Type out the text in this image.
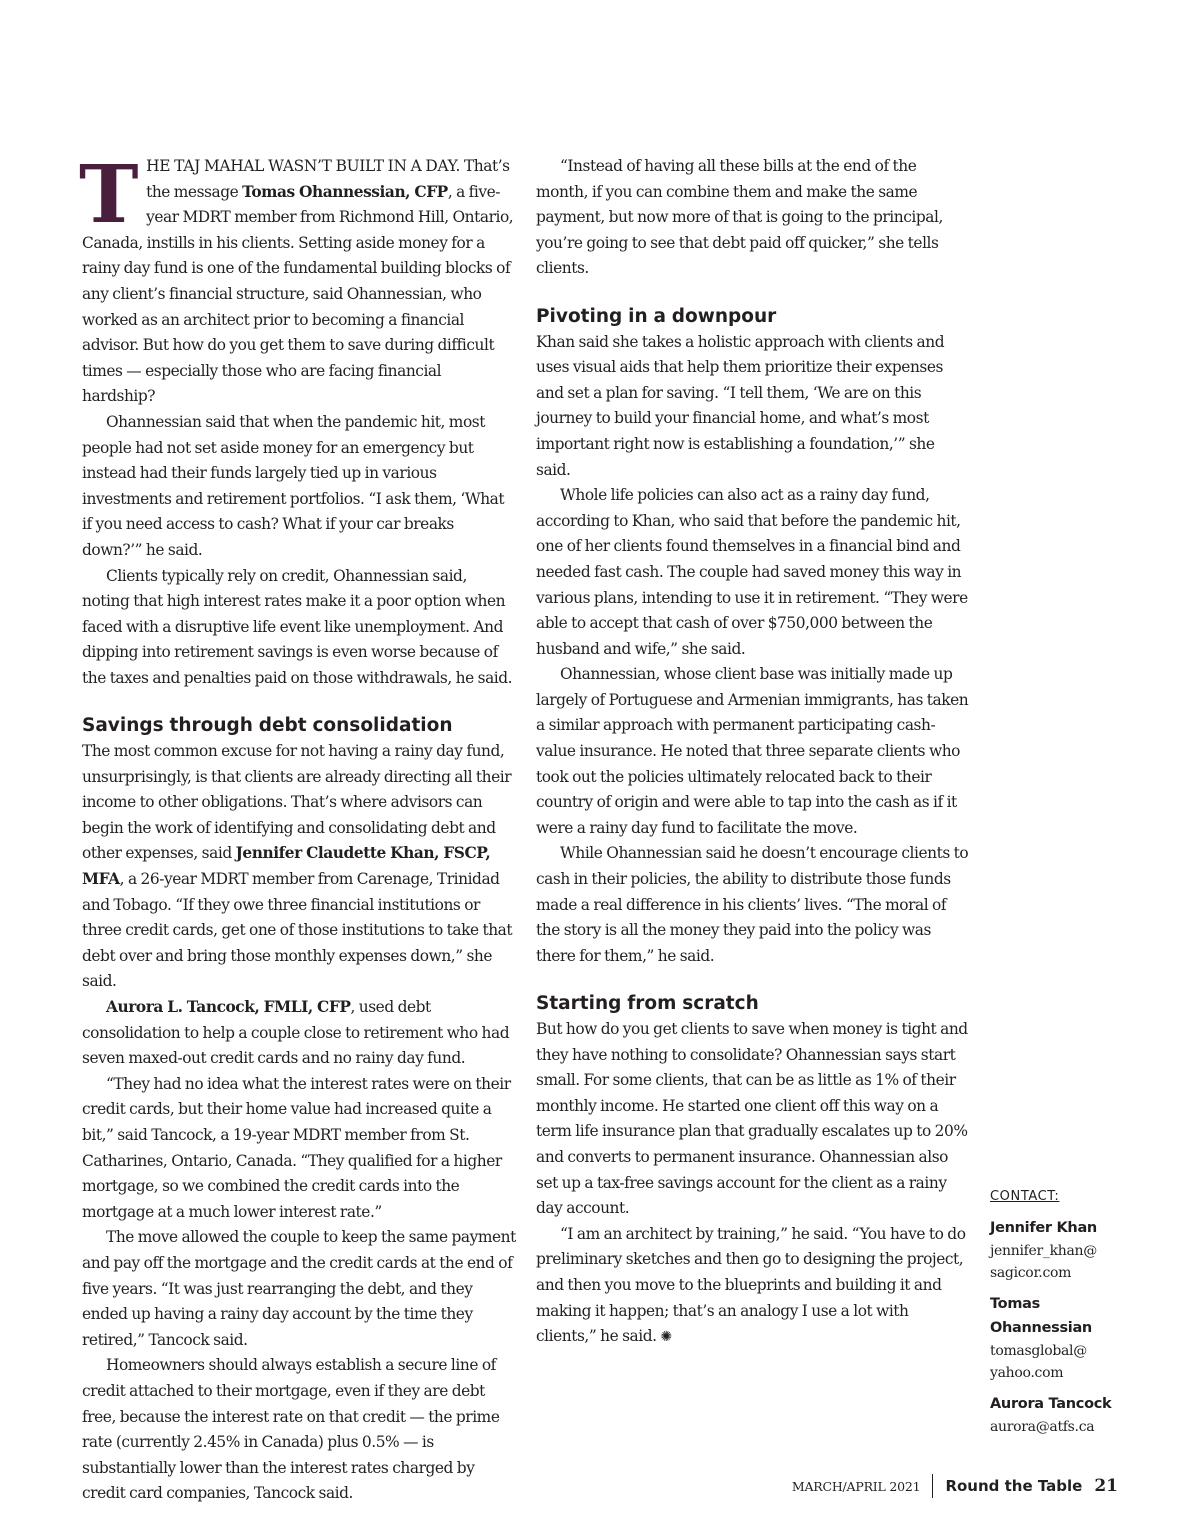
THE TAJ MAHAL WASN’T BUILT IN A DAY. That’s the message Tomas Ohannessian, CFP, a five-year MDRT member from Richmond Hill, Ontario, Canada, instills in his clients. Setting aside money for a rainy day fund is one of the fundamental building blocks of any client’s financial structure, said Ohannessian, who worked as an architect prior to becoming a financial advisor. But how do you get them to save during difficult times — especially those who are facing financial hardship?

Ohannessian said that when the pandemic hit, most people had not set aside money for an emergency but instead had their funds largely tied up in various investments and retirement portfolios. “I ask them, ‘What if you need access to cash? What if your car breaks down?’” he said.

Clients typically rely on credit, Ohannessian said, noting that high interest rates make it a poor option when faced with a disruptive life event like unemployment. And dipping into retirement savings is even worse because of the taxes and penalties paid on those withdrawals, he said.

Savings through debt consolidation

The most common excuse for not having a rainy day fund, unsurprisingly, is that clients are already directing all their income to other obligations. That’s where advisors can begin the work of identifying and consolidating debt and other expenses, said Jennifer Claudette Khan, FSCP, MFA, a 26-year MDRT member from Carenage, Trinidad and Tobago. “If they owe three financial institutions or three credit cards, get one of those institutions to take that debt over and bring those monthly expenses down,” she said.

Aurora L. Tancock, FMLI, CFP, used debt consolidation to help a couple close to retirement who had seven maxed-out credit cards and no rainy day fund.

“They had no idea what the interest rates were on their credit cards, but their home value had increased quite a bit,” said Tancock, a 19-year MDRT member from St. Catharines, Ontario, Canada. “They qualified for a higher mortgage, so we combined the credit cards into the mortgage at a much lower interest rate.”

The move allowed the couple to keep the same payment and pay off the mortgage and the credit cards at the end of five years. “It was just rearranging the debt, and they ended up having a rainy day account by the time they retired,” Tancock said.

Homeowners should always establish a secure line of credit attached to their mortgage, even if they are debt free, because the interest rate on that credit — the prime rate (currently 2.45% in Canada) plus 0.5% — is substantially lower than the interest rates charged by credit card companies, Tancock said.

“Instead of having all these bills at the end of the month, if you can combine them and make the same payment, but now more of that is going to the principal, you’re going to see that debt paid off quicker,” she tells clients.

Pivoting in a downpour

Khan said she takes a holistic approach with clients and uses visual aids that help them prioritize their expenses and set a plan for saving. “I tell them, ‘We are on this journey to build your financial home, and what’s most important right now is establishing a foundation,’” she said.

Whole life policies can also act as a rainy day fund, according to Khan, who said that before the pandemic hit, one of her clients found themselves in a financial bind and needed fast cash. The couple had saved money this way in various plans, intending to use it in retirement. “They were able to accept that cash of over $750,000 between the husband and wife,” she said.

Ohannessian, whose client base was initially made up largely of Portuguese and Armenian immigrants, has taken a similar approach with permanent participating cash-value insurance. He noted that three separate clients who took out the policies ultimately relocated back to their country of origin and were able to tap into the cash as if it were a rainy day fund to facilitate the move.

While Ohannessian said he doesn’t encourage clients to cash in their policies, the ability to distribute those funds made a real difference in his clients’ lives. “The moral of the story is all the money they paid into the policy was there for them,” he said.

Starting from scratch

But how do you get clients to save when money is tight and they have nothing to consolidate? Ohannessian says start small. For some clients, that can be as little as 1% of their monthly income. He started one client off this way on a term life insurance plan that gradually escalates up to 20% and converts to permanent insurance. Ohannessian also set up a tax-free savings account for the client as a rainy day account.

“I am an architect by training,” he said. “You have to do preliminary sketches and then go to designing the project, and then you move to the blueprints and building it and making it happen; that’s an analogy I use a lot with clients,” he said. ✺

CONTACT:
Jennifer Khan
jennifer_khan@ sagicor.com
Tomas Ohannessian
tomasglobal@ yahoo.com
Aurora Tancock
aurora@atfs.ca
MARCH/APRIL 2021 Round the Table 21
